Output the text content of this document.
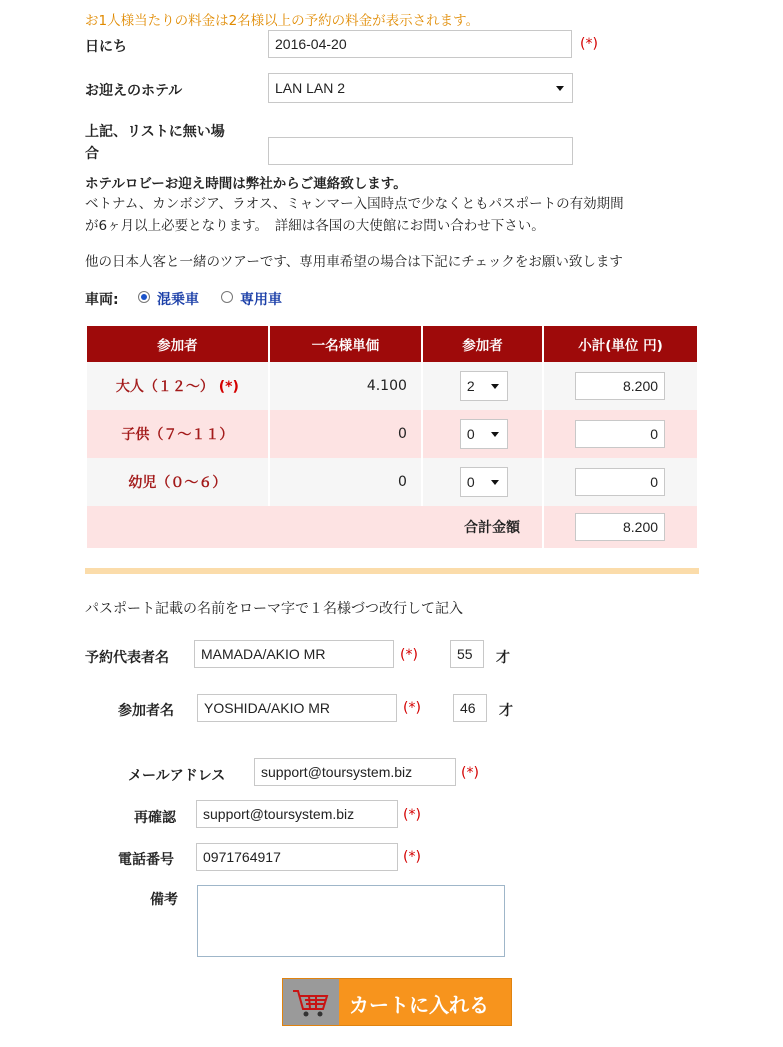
お1人様当たりの料金は2名様以上の予約の料金が表示されます。
日にち
2016-04-20	(*)
お迎えのホテル	LAN LAN 2
上記、リストに無い場
合
ホテルロビーお迎え時間は弊社からご連絡致します。
ベトナム、カンボジア、ラオス、ミャンマー入国時点で少なくともパスポートの有効期間
が6ヶ月以上必要となります。　詳細は各国の大使館にお問い合わせ下さい。
他の日本人客と一緒のツアーです、専用車希望の場合は下記にチェックをお願い致します
車両:	混乗車	専用車
参加者	一名様単価	参加者	小計(単位 円)
大人（１２～） (*)	4.100	2	8.200

子供（７～１１）	0	0	0

幼児（０～６）	0	0	0

合計金額			8.200
パスポート記載の名前をローマ字で１名様づつ改行して記入
予約代表者名
MAMADA/AKIO MR	(*)
55	才
参加者名
YOSHIDA/AKIO MR	(*)
46	才
メールアドレス
support@toursystem.biz	(*)
再確認
support@toursystem.biz	(*)
電話番号
0971764917	(*)
備考
カートに入れる
